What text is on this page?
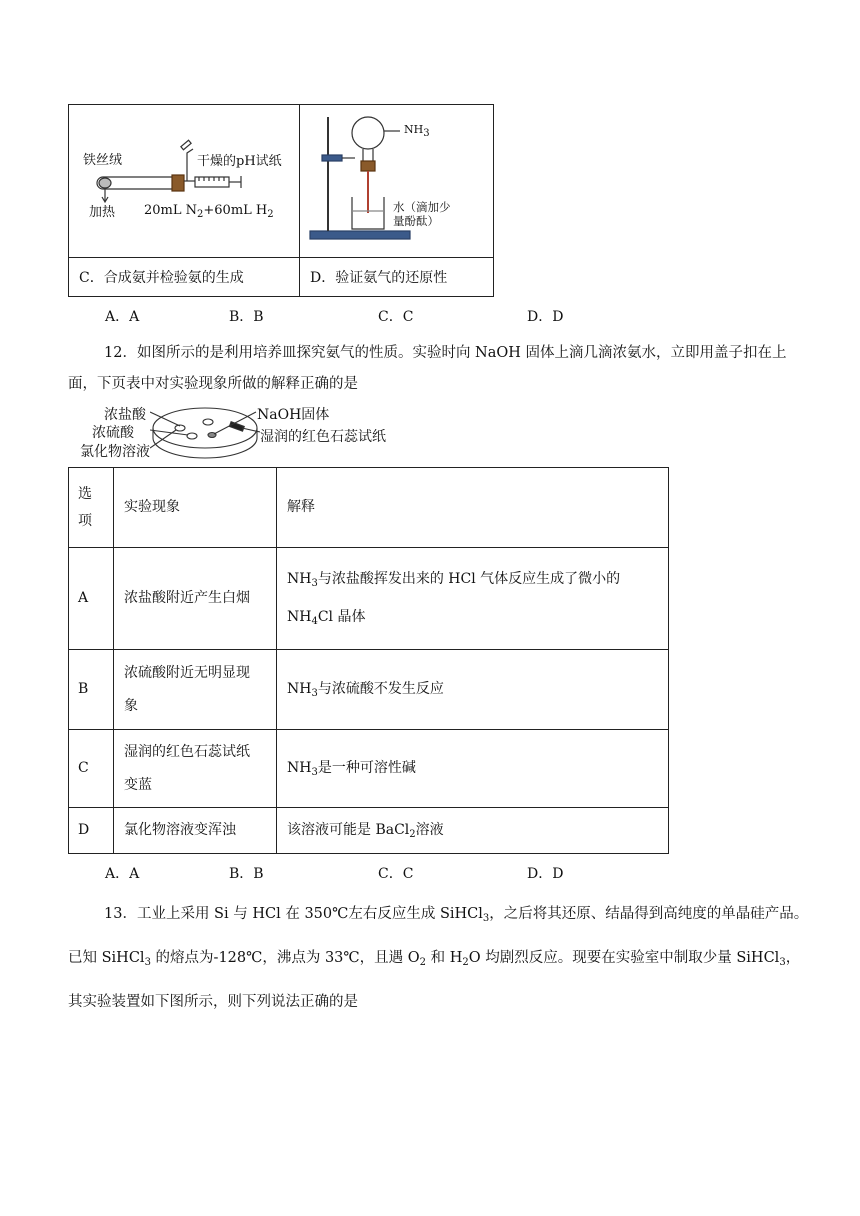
铁丝绒
加热
干燥的pH试纸
20mL $N_2+60mL$ $H_2$
$NH_3$
水（滴加少
量酚酞）
C．合成氨并检验氨的生成	D．验证氨气的还原性
A．A	B．B	C．C	D．D
12．如图所示的是利用培养皿探究氨气的性质。实验时向 NaOH 固体上滴几滴浓氨水，立即用盖子扣在上
面，下页表中对实验现象所做的解释正确的是
浓盐酸
浓硫酸
氯化物溶液
NaOH固体
湿润的红色石蕊试纸
选
项	实验现象	解释
A	浓盐酸附近产生白烟	$NH_3$与浓盐酸挥发出来的 HCl 气体反应生成了微小的
$NH_4Cl$ 晶体
B	浓硫酸附近无明显现
象	$NH_3$与浓硫酸不发生反应
C	湿润的红色石蕊试纸
变蓝	$NH_3$是一种可溶性碱
D	氯化物溶液变浑浊	该溶液可能是 BaCl$_2$溶液
A．A	B．B	C．C	D．D
13．工业上采用 Si 与 HCl 在 350℃左右反应生成 SiHCl$_3$，之后将其还原、结晶得到高纯度的单晶硅产品。
已知 SiHCl$_3$ 的熔点为-128℃，沸点为 33℃，且遇 $O_2$ 和 $H_2O$ 均剧烈反应。现要在实验室中制取少量 SiHCl$_3$，
其实验装置如下图所示，则下列说法正确的是
